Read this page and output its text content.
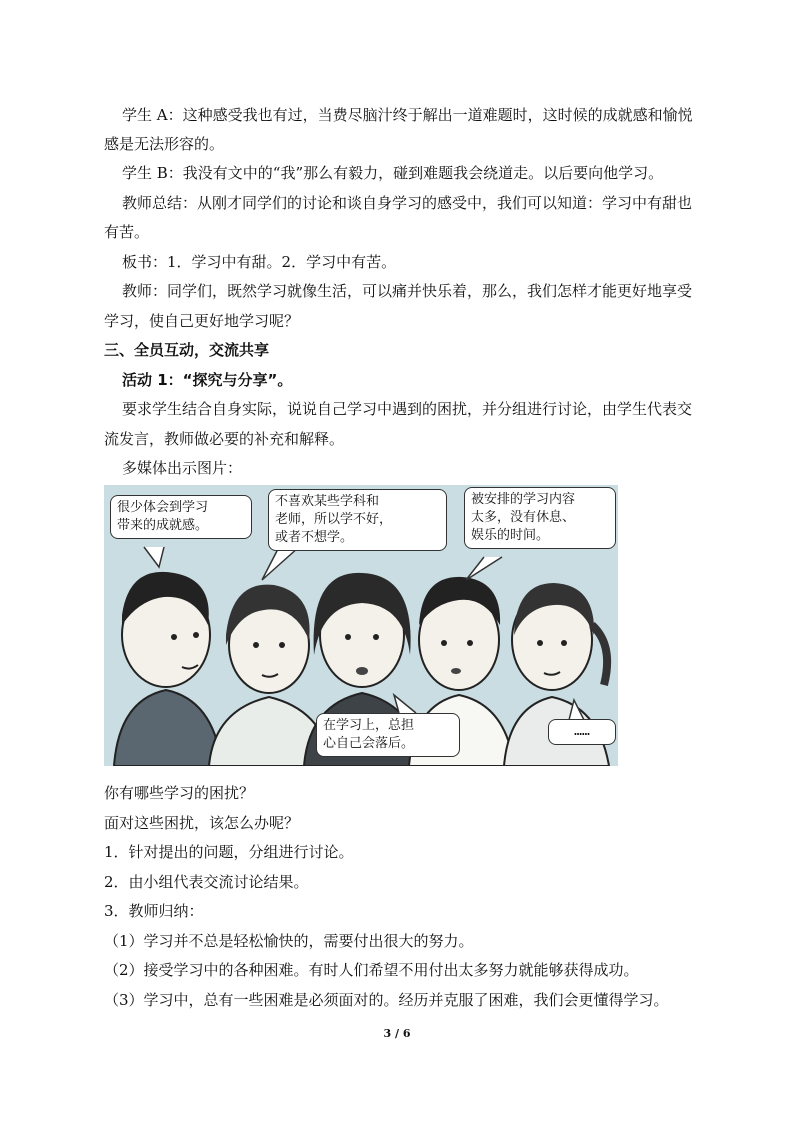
学生 A：这种感受我也有过，当费尽脑汁终于解出一道难题时，这时候的成就感和愉悦
感是无法形容的。
学生 B：我没有文中的“我”那么有毅力，碰到难题我会绕道走。以后要向他学习。
教师总结：从刚才同学们的讨论和谈自身学习的感受中，我们可以知道：学习中有甜也
有苦。
板书：1．学习中有甜。2．学习中有苦。
教师：同学们，既然学习就像生活，可以痛并快乐着，那么，我们怎样才能更好地享受
学习，使自己更好地学习呢？
三、全员互动，交流共享
活动 1：“探究与分享”。
要求学生结合自身实际，说说自己学习中遇到的困扰，并分组进行讨论，由学生代表交
流发言，教师做必要的补充和解释。
多媒体出示图片：
很少体会到学习
带来的成就感。
不喜欢某些学科和
老师，所以学不好，
或者不想学。
被安排的学习内容
太多，没有休息、
娱乐的时间。
在学习上，总担
心自己会落后。
……
你有哪些学习的困扰？
面对这些困扰，该怎么办呢？
1．针对提出的问题，分组进行讨论。
2．由小组代表交流讨论结果。
3．教师归纳：
（1）学习并不总是轻松愉快的，需要付出很大的努力。
（2）接受学习中的各种困难。有时人们希望不用付出太多努力就能够获得成功。
（3）学习中，总有一些困难是必须面对的。经历并克服了困难，我们会更懂得学习。
3 / 6
